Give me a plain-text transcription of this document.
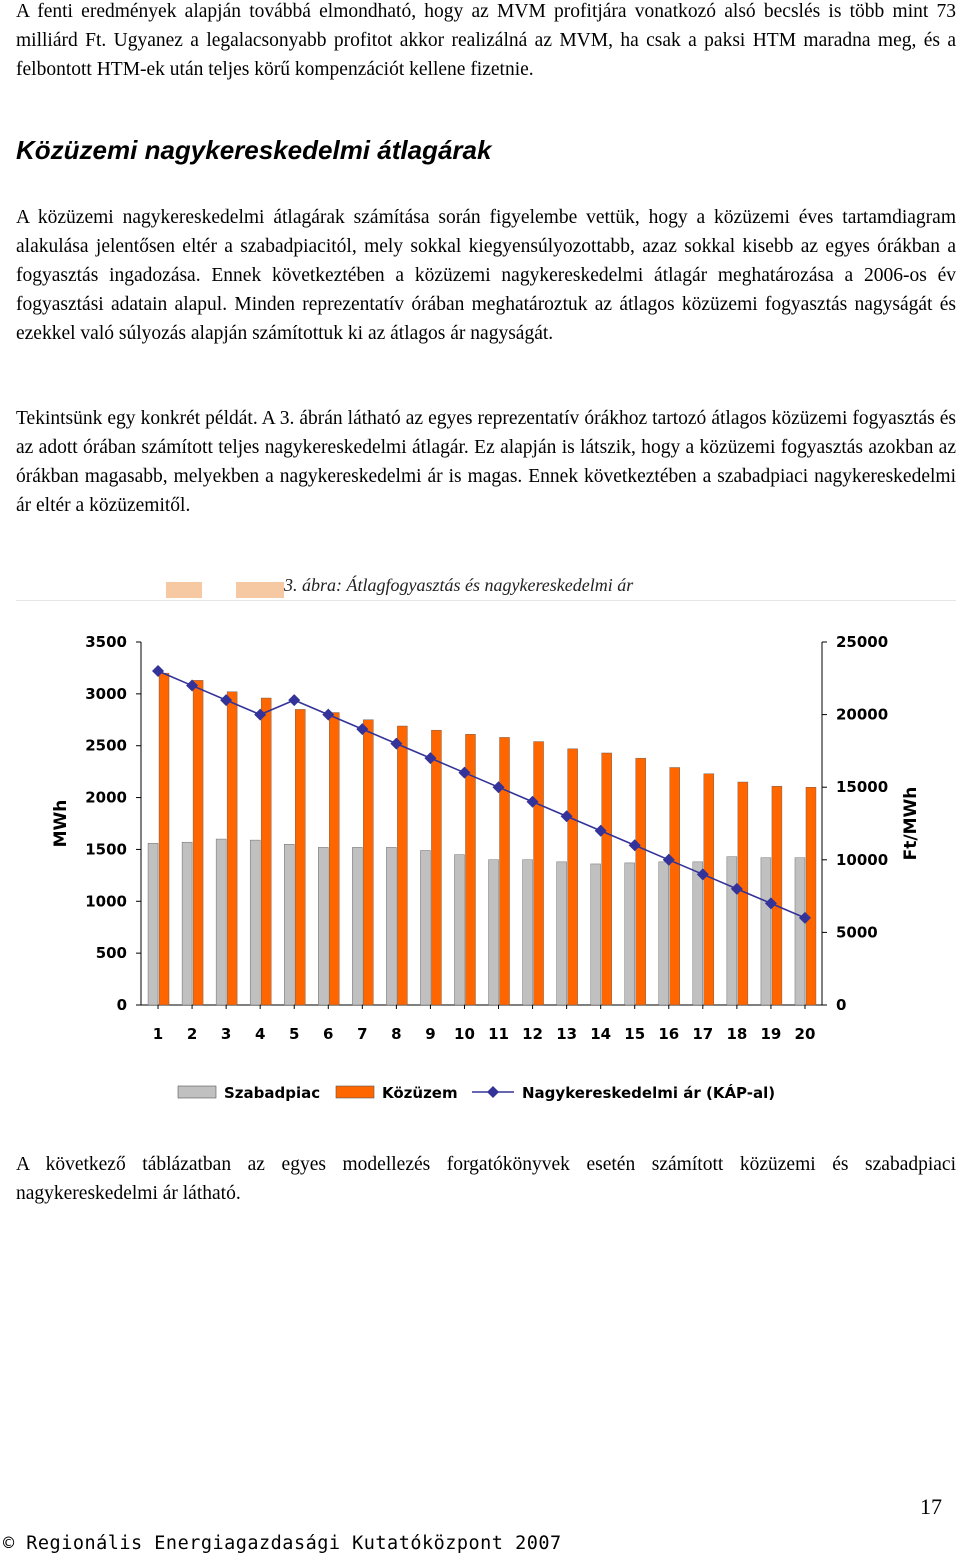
A fenti eredmények alapján továbbá elmondható, hogy az MVM profitjára vonatkozó alsó becslés is több mint 73 milliárd Ft. Ugyanez a legalacsonyabb profitot akkor realizálná az MVM, ha csak a paksi HTM maradna meg, és a felbontott HTM-ek után teljes körű kompenzációt kellene fizetnie.

Közüzemi nagykereskedelmi átlagárak

A közüzemi nagykereskedelmi átlagárak számítása során figyelembe vettük, hogy a közüzemi éves tartamdiagram alakulása jelentősen eltér a szabadpiacitól, mely sokkal kiegyensúlyozottabb, azaz sokkal kisebb az egyes órákban a fogyasztás ingadozása. Ennek következtében a közüzemi nagykereskedelmi átlagár meghatározása a 2006-os év fogyasztási adatain alapul. Minden reprezentatív órában meghatároztuk az átlagos közüzemi fogyasztás nagyságát és ezekkel való súlyozás alapján számítottuk ki az átlagos ár nagyságát.

Tekintsünk egy konkrét példát. A 3. ábrán látható az egyes reprezentatív órákhoz tartozó átlagos közüzemi fogyasztás és az adott órában számított teljes nagykereskedelmi átlagár. Ez alapján is látszik, hogy a közüzemi fogyasztás azokban az órákban magasabb, melyekben a nagykereskedelmi ár is magas. Ennek következtében a szabadpiaci nagykereskedelmi ár eltér a közüzemitől.

3. ábra: Átlagfogyasztás és nagykereskedelmi ár
0
500
1000
1500
2000
2500
3000
3500
0
5000
10000
15000
20000
25000
MWh	Ft/MWh
1 2 3 4 5 6 7 8 9 10 11 12 13 14 15 16 17 18 19 20
Szabadpiac	Közüzem	Nagykereskedelmi ár (KÁP-al)

A következő táblázatban az egyes modellezés forgatókönyvek esetén számított közüzemi és szabadpiaci nagykereskedelmi ár látható.

17
© Regionális Energiagazdasági Kutatóközpont 2007
